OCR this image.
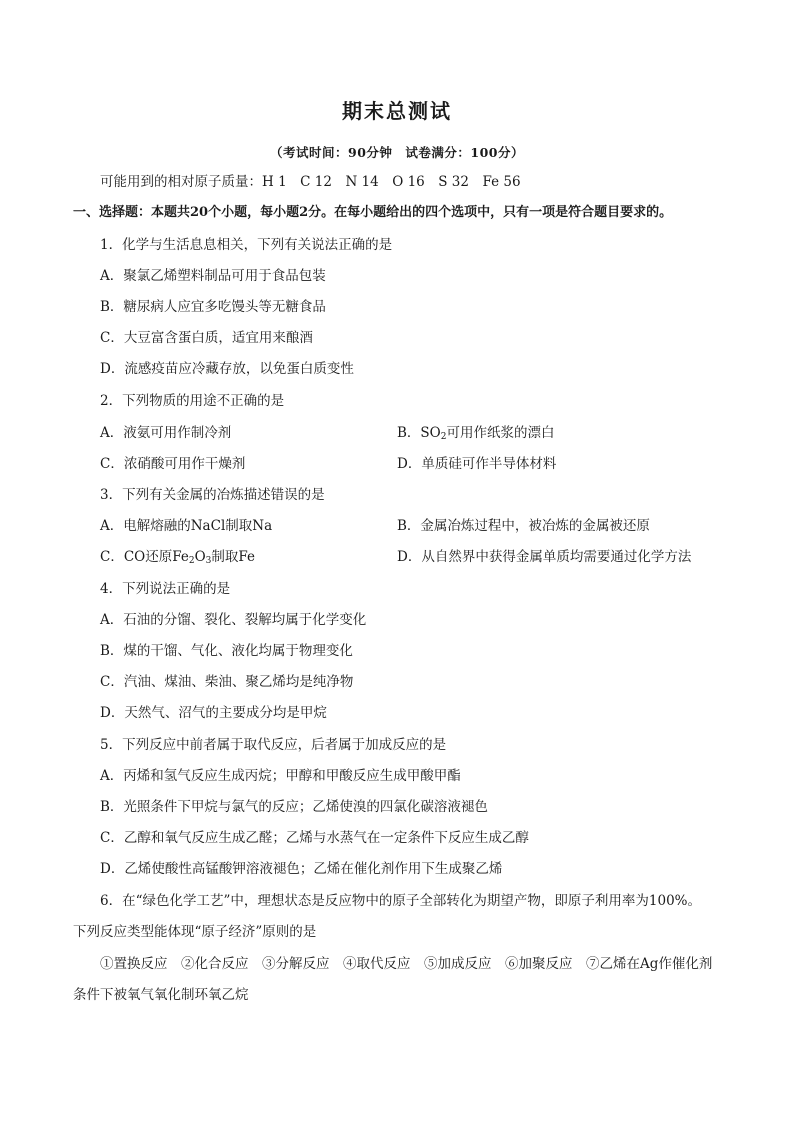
期末总测试
（考试时间：90分钟　试卷满分：100分）
可能用到的相对原子质量：H 1　C 12　N 14　O 16　S 32　Fe 56
一、选择题：本题共20个小题，每小题2分。在每小题给出的四个选项中，只有一项是符合题目要求的。
1．化学与生活息息相关，下列有关说法正确的是
A．聚氯乙烯塑料制品可用于食品包装
B．糖尿病人应宜多吃馒头等无糖食品
C．大豆富含蛋白质，适宜用来酿酒
D．流感疫苗应冷藏存放，以免蛋白质变性
2．下列物质的用途不正确的是
A．液氨可用作制冷剂	B．$SO_2$可用作纸浆的漂白
C．浓硝酸可用作干燥剂	D．单质硅可作半导体材料
3．下列有关金属的冶炼描述错误的是
A．电解熔融的NaCl制取Na	B．金属冶炼过程中，被冶炼的金属被还原
C．CO还原$Fe_2O_3$制取Fe	D．从自然界中获得金属单质均需要通过化学方法
4．下列说法正确的是
A．石油的分馏、裂化、裂解均属于化学变化
B．煤的干馏、气化、液化均属于物理变化
C．汽油、煤油、柴油、聚乙烯均是纯净物
D．天然气、沼气的主要成分均是甲烷
5．下列反应中前者属于取代反应，后者属于加成反应的是
A．丙烯和氢气反应生成丙烷；甲醇和甲酸反应生成甲酸甲酯
B．光照条件下甲烷与氯气的反应；乙烯使溴的四氯化碳溶液褪色
C．乙醇和氧气反应生成乙醛；乙烯与水蒸气在一定条件下反应生成乙醇
D．乙烯使酸性高锰酸钾溶液褪色；乙烯在催化剂作用下生成聚乙烯
6．在“绿色化学工艺”中，理想状态是反应物中的原子全部转化为期望产物，即原子利用率为100%。
下列反应类型能体现“原子经济”原则的是
①置换反应　②化合反应　③分解反应　④取代反应　⑤加成反应　⑥加聚反应　⑦乙烯在Ag作催化剂
条件下被氧气氧化制环氧乙烷
